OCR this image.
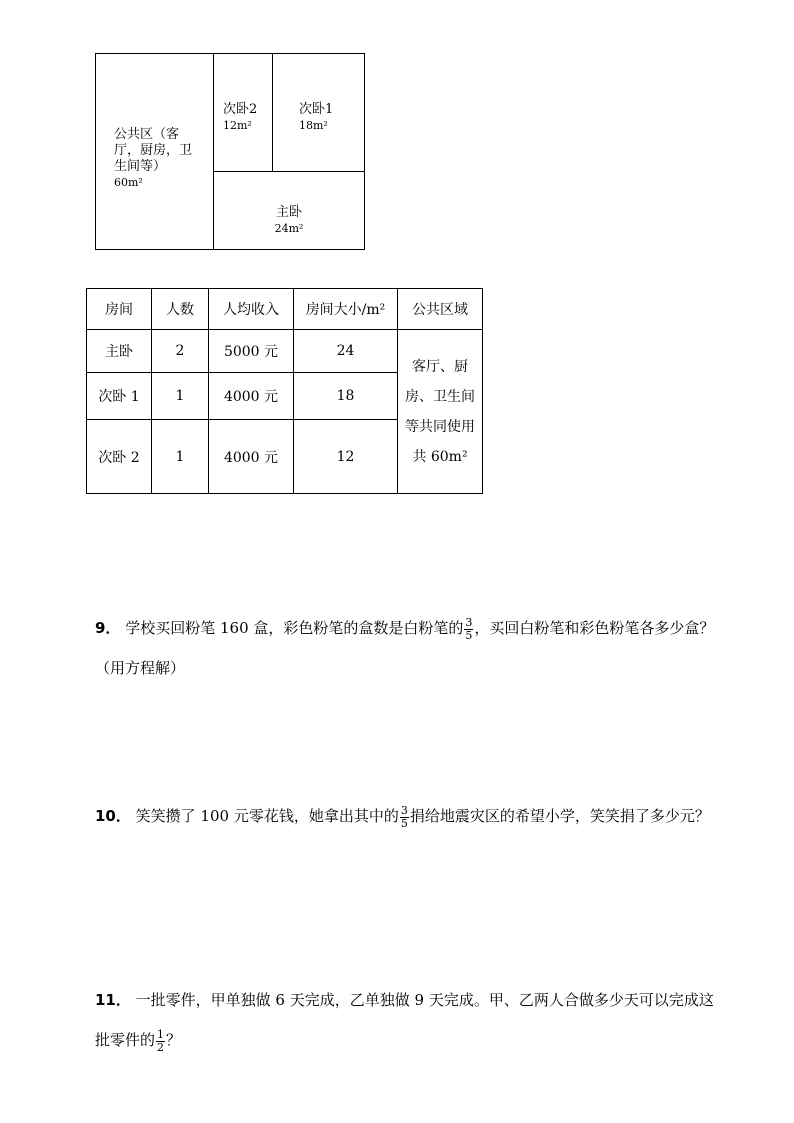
公共区（客厅，厨房，卫生间等）
60m²
次卧2
12m²
次卧1
18m²
主卧
24m²
房间	人数	人均收入	房间大小/m²	公共区域
主卧	2	5000 元	24	客厅、厨房、卫生间等共同使用共 60m²
次卧 1	1	4000 元	18	
次卧 2	1	4000 元	12	
9． 学校买回粉笔 160 盒，彩色粉笔的盒数是白粉笔的 $\frac{3}{5}$ ，买回白粉笔和彩色粉笔各多少盒？（用方程解）
10． 笑笑攒了 100 元零花钱，她拿出其中的 $\frac{3}{5}$ 捐给地震灾区的希望小学，笑笑捐了多少元？
11． 一批零件，甲单独做 6 天完成，乙单独做 9 天完成。甲、乙两人合做多少天可以完成这批零件的 $\frac{1}{2}$ ？
